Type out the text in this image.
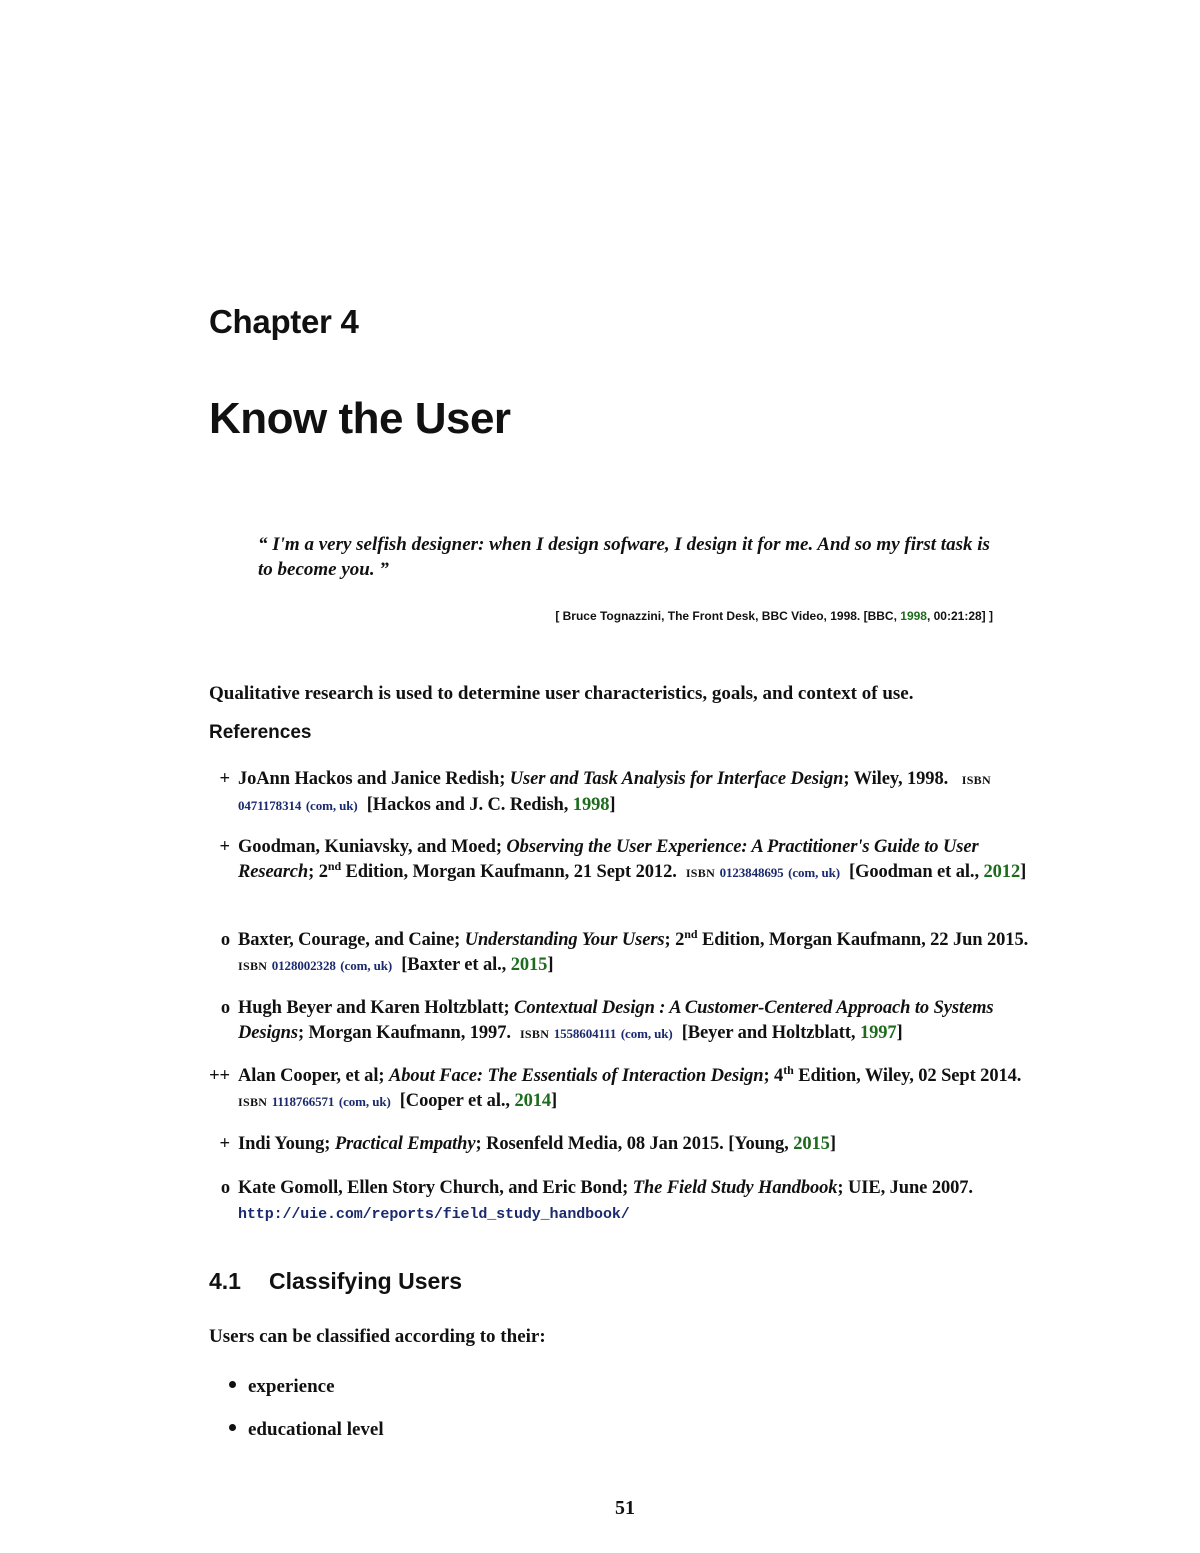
Chapter 4
Know the User
“ I'm a very selfish designer: when I design sofware, I design it for me. And so my first task is to become you. ”
[ Bruce Tognazzini, The Front Desk, BBC Video, 1998. [BBC, 1998, 00:21:28] ]
Qualitative research is used to determine user characteristics, goals, and context of use.
References
+ JoAnn Hackos and Janice Redish; User and Task Analysis for Interface Design; Wiley, 1998. ISBN 0471178314 (com, uk) [Hackos and J. C. Redish, 1998]
+ Goodman, Kuniavsky, and Moed; Observing the User Experience: A Practitioner's Guide to User Research; 2nd Edition, Morgan Kaufmann, 21 Sept 2012. ISBN 0123848695 (com, uk) [Goodman et al., 2012]
o Baxter, Courage, and Caine; Understanding Your Users; 2nd Edition, Morgan Kaufmann, 22 Jun 2015.  ISBN 0128002328 (com, uk) [Baxter et al., 2015]
o Hugh Beyer and Karen Holtzblatt; Contextual Design : A Customer-Centered Approach to Systems Designs; Morgan Kaufmann, 1997. ISBN 1558604111 (com, uk) [Beyer and Holtzblatt, 1997]
++ Alan Cooper, et al; About Face: The Essentials of Interaction Design; 4th Edition, Wiley, 02 Sept 2014.  ISBN 1118766571 (com, uk) [Cooper et al., 2014]
+ Indi Young; Practical Empathy; Rosenfeld Media, 08 Jan 2015. [Young, 2015]
o Kate Gomoll, Ellen Story Church, and Eric Bond; The Field Study Handbook; UIE, June 2007.
http://uie.com/reports/field_study_handbook/
4.1 Classifying Users
Users can be classified according to their:
experience
educational level
51
